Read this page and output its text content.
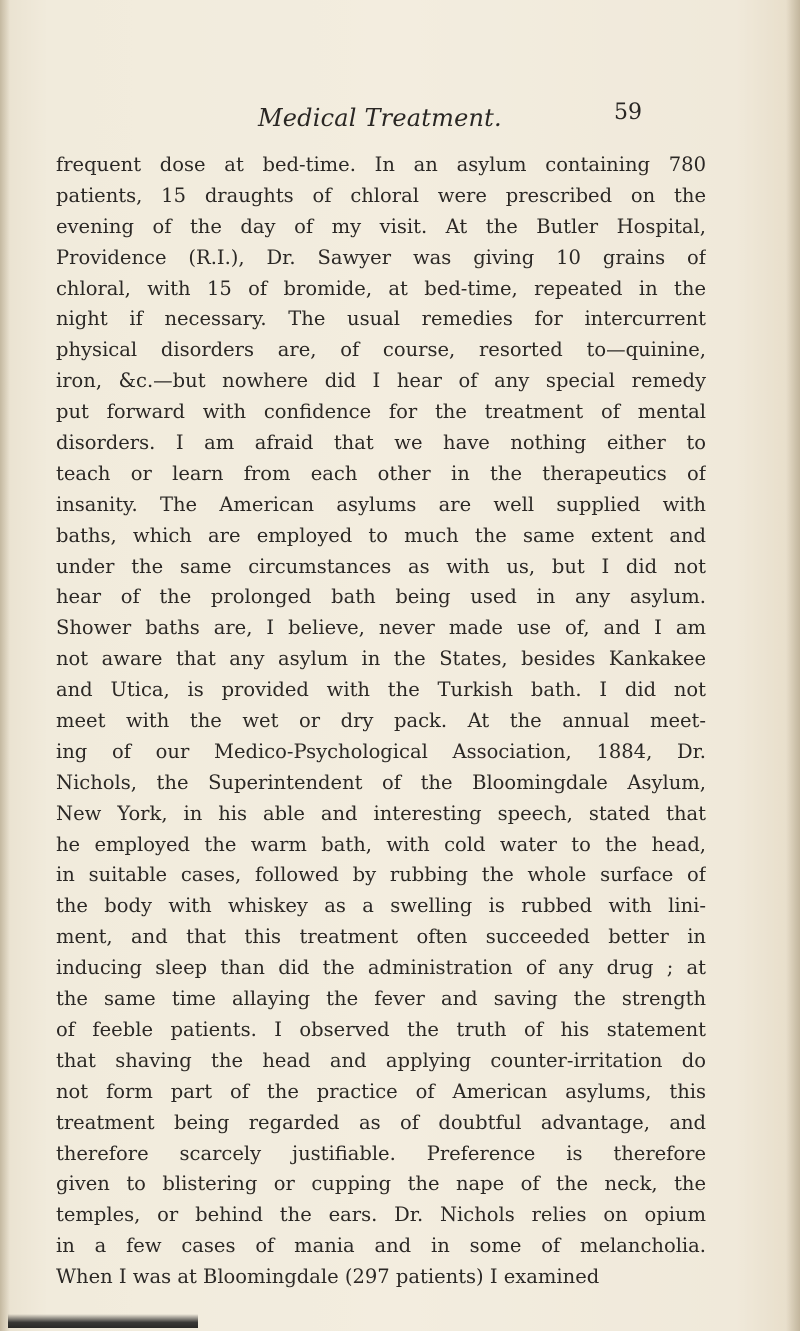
Medical Treatment.	59
frequent dose at bed-time. In an asylum containing 780
patients, 15 draughts of chloral were prescribed on the
evening of the day of my visit. At the Butler Hospital,
Providence (R.I.), Dr. Sawyer was giving 10 grains of
chloral, with 15 of bromide, at bed-time, repeated in the
night if necessary. The usual remedies for intercurrent
physical disorders are, of course, resorted to—quinine,
iron, &c.—but nowhere did I hear of any special remedy
put forward with confidence for the treatment of mental
disorders. I am afraid that we have nothing either to
teach or learn from each other in the therapeutics of
insanity. The American asylums are well supplied with
baths, which are employed to much the same extent and
under the same circumstances as with us, but I did not
hear of the prolonged bath being used in any asylum.
Shower baths are, I believe, never made use of, and I am
not aware that any asylum in the States, besides Kankakee
and Utica, is provided with the Turkish bath. I did not
meet with the wet or dry pack. At the annual meet-
ing of our Medico-Psychological Association, 1884, Dr.
Nichols, the Superintendent of the Bloomingdale Asylum,
New York, in his able and interesting speech, stated that
he employed the warm bath, with cold water to the head,
in suitable cases, followed by rubbing the whole surface of
the body with whiskey as a swelling is rubbed with lini-
ment, and that this treatment often succeeded better in
inducing sleep than did the administration of any drug ; at
the same time allaying the fever and saving the strength
of feeble patients. I observed the truth of his statement
that shaving the head and applying counter-irritation do
not form part of the practice of American asylums, this
treatment being regarded as of doubtful advantage, and
therefore scarcely justifiable. Preference is therefore
given to blistering or cupping the nape of the neck, the
temples, or behind the ears. Dr. Nichols relies on opium
in a few cases of mania and in some of melancholia.
When I was at Bloomingdale (297 patients) I examined
